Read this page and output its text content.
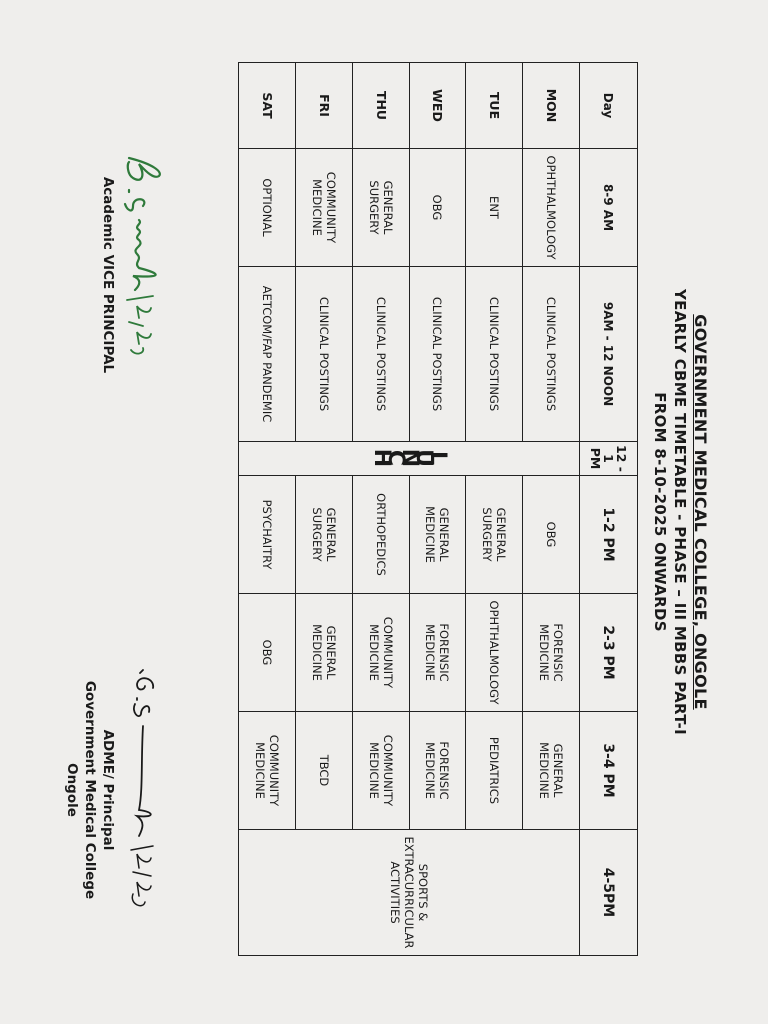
GOVERNMENT MEDICAL COLLEGE, ONGOLE
YEARLY CBME TIMETABLE - PHASE – III MBBS PART-I
FROM 8-10-2025 ONWARDS
Day	8-9 AM	9AM - 12 NOON	12 - 1 PM	1-2 PM	2-3 PM	3-4 PM	4-5PM
MON	OPHTHALMOLOGY	CLINICAL POSTINGS	LUNCH	OBG	FORENSIC MEDICINE	GENERAL MEDICINE	SPORTS & EXTRACURRICULAR ACTIVITIES
TUE	ENT	CLINICAL POSTINGS		GENERAL SURGERY	OPHTHALMOLOGY	PEDIATRICS	
WED	OBG	CLINICAL POSTINGS		GENERAL MEDICINE	FORENSIC MEDICINE	FORENSIC MEDICINE	
THU	GENERAL SURGERY	CLINICAL POSTINGS		ORTHOPEDICS	COMMUNITY MEDICINE	COMMUNITY MEDICINE	
FRI	COMMUNITY MEDICINE	CLINICAL POSTINGS		GENERAL SURGERY	GENERAL MEDICINE	TBCD	
SAT	OPTIONAL	AETCOM/FAP PANDEMIC		PSYCHAITRY	OBG	COMMUNITY MEDICINE	
Academic VICE PRINCIPAL
ADME/ Principal
Government Medical College
Ongole
